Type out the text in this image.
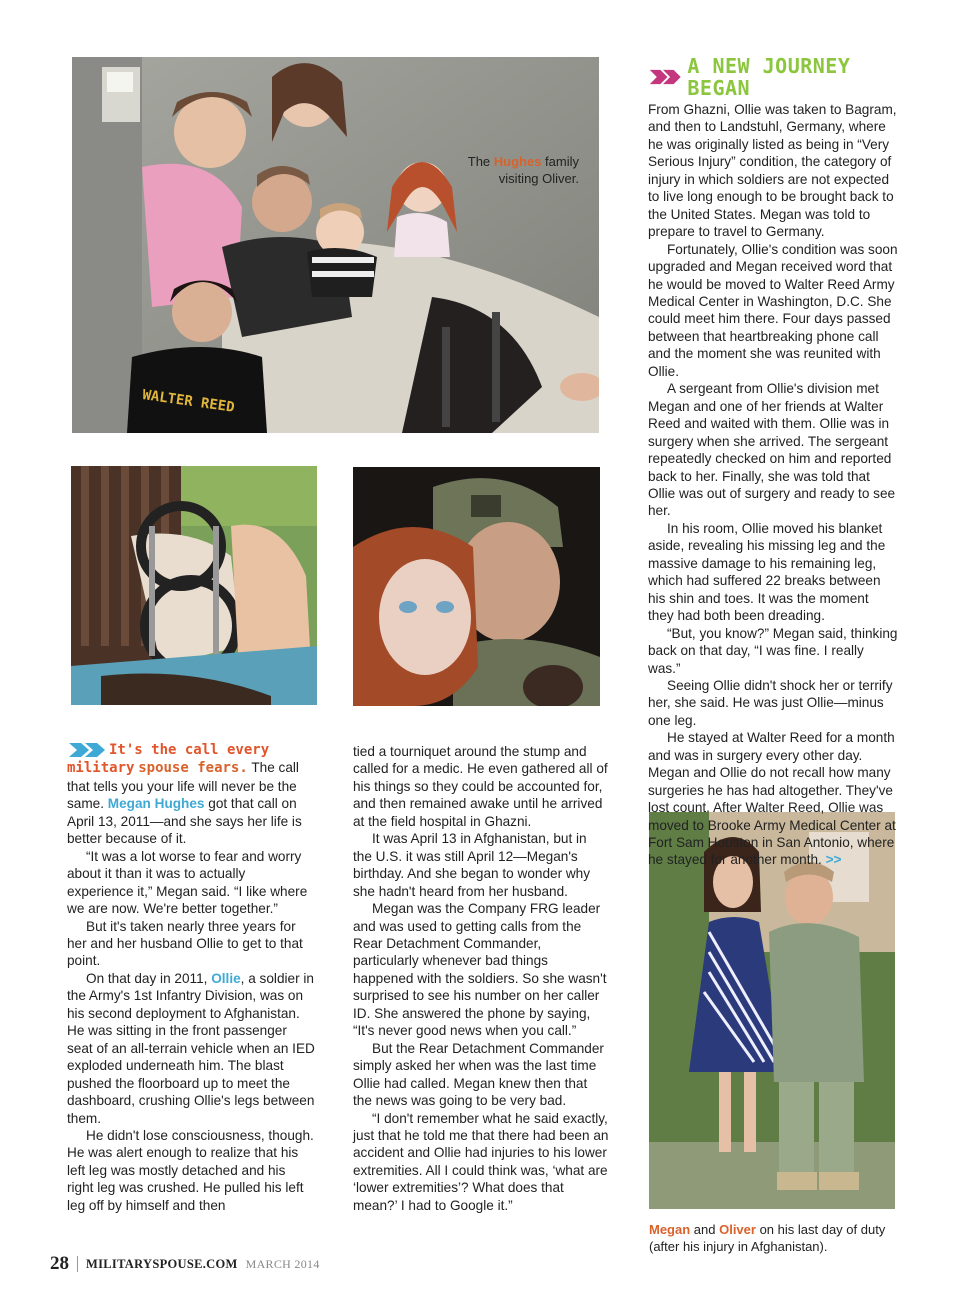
WALTER REED
The Hughes family visiting Oliver.
Megan and Oliver on his last day of duty (after his injury in Afghanistan).

It's the call every military spouse fears. The call that tells you your life will never be the same. Megan Hughes got that call on April 13, 2011—and she says her life is better because of it.

“It was a lot worse to fear and worry about it than it was to actually experience it,” Megan said. “I like where we are now. We're better together.”

But it's taken nearly three years for her and her husband Ollie to get to that point.

On that day in 2011, Ollie, a soldier in the Army's 1st Infantry Division, was on his second deployment to Afghanistan. He was sitting in the front passenger seat of an all-terrain vehicle when an IED exploded underneath him. The blast pushed the floorboard up to meet the dashboard, crushing Ollie's legs between them.

He didn't lose consciousness, though. He was alert enough to realize that his left leg was mostly detached and his right leg was crushed. He pulled his left leg off by himself and then

tied a tourniquet around the stump and called for a medic. He even gathered all of his things so they could be accounted for, and then remained awake until he arrived at the field hospital in Ghazni.

It was April 13 in Afghanistan, but in the U.S. it was still April 12—Megan's birthday. And she began to wonder why she hadn't heard from her husband.

Megan was the Company FRG leader and was used to getting calls from the Rear Detachment Commander, particularly whenever bad things happened with the soldiers. So she wasn't surprised to see his number on her caller ID. She answered the phone by saying, “It's never good news when you call.”

But the Rear Detachment Commander simply asked her when was the last time Ollie had called. Megan knew then that the news was going to be very bad.

“I don't remember what he said exactly, just that he told me that there had been an accident and Ollie had injuries to his lower extremities. All I could think was, ‘what are ‘lower extremities’? What does that mean?’ I had to Google it.”

A NEW JOURNEY BEGAN

From Ghazni, Ollie was taken to Bagram, and then to Landstuhl, Germany, where he was originally listed as being in “Very Serious Injury” condition, the category of injury in which soldiers are not expected to live long enough to be brought back to the United States. Megan was told to prepare to travel to Germany.

Fortunately, Ollie's condition was soon upgraded and Megan received word that he would be moved to Walter Reed Army Medical Center in Washington, D.C. She could meet him there. Four days passed between that heartbreaking phone call and the moment she was reunited with Ollie.

A sergeant from Ollie's division met Megan and one of her friends at Walter Reed and waited with them. Ollie was in surgery when she arrived. The sergeant repeatedly checked on him and reported back to her. Finally, she was told that Ollie was out of surgery and ready to see her.

In his room, Ollie moved his blanket aside, revealing his missing leg and the massive damage to his remaining leg, which had suffered 22 breaks between his shin and toes. It was the moment they had both been dreading.

“But, you know?” Megan said, thinking back on that day, “I was fine. I really was.”

Seeing Ollie didn't shock her or terrify her, she said. He was just Ollie—minus one leg.

He stayed at Walter Reed for a month and was in surgery every other day. Megan and Ollie do not recall how many surgeries he has had altogether. They've lost count. After Walter Reed, Ollie was moved to Brooke Army Medical Center at Fort Sam Houston in San Antonio, where he stayed for another month. >>

28 MILITARYSPOUSE.COM MARCH 2014
